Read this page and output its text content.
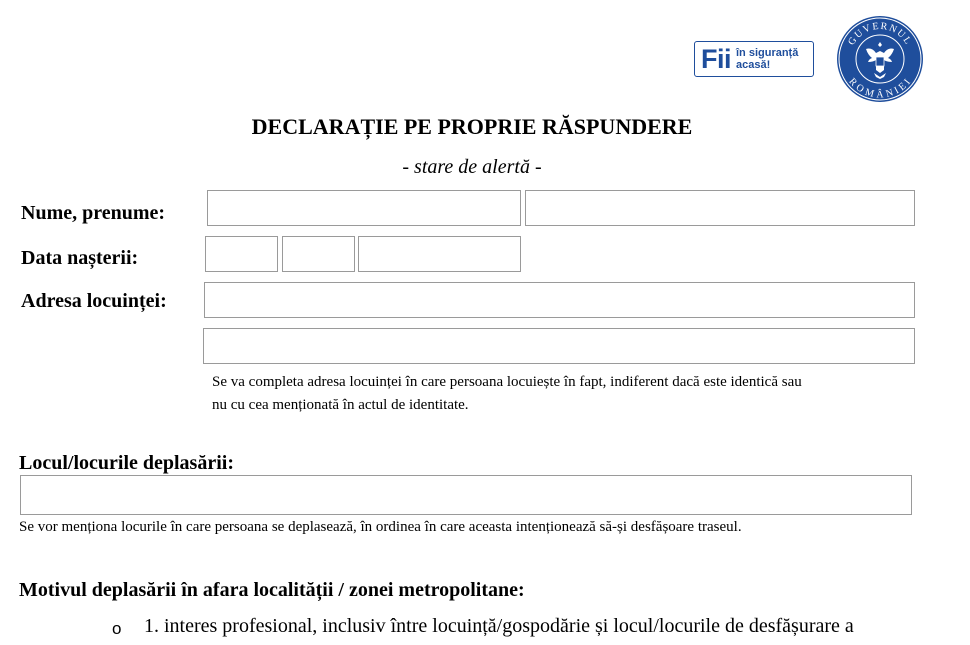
Fii în siguranță
acasă!
GUVERNUL
ROMÂNIEI
DECLARAȚIE PE PROPRIE RĂSPUNDERE
- stare de alertă -
Nume, prenume:
Data nașterii:
Adresa locuinței:
Se va completa adresa locuinței în care persoana locuiește în fapt, indiferent dacă este identică sau
nu cu cea menționată în actul de identitate.
Locul/locurile deplasării:
Se vor menționa locurile în care persoana se deplasează, în ordinea în care aceasta intenționează să-și desfășoare traseul.
Motivul deplasării în afara localității / zonei metropolitane:
o 1. interes profesional, inclusiv între locuință/gospodărie și locul/locurile de desfășurare a
